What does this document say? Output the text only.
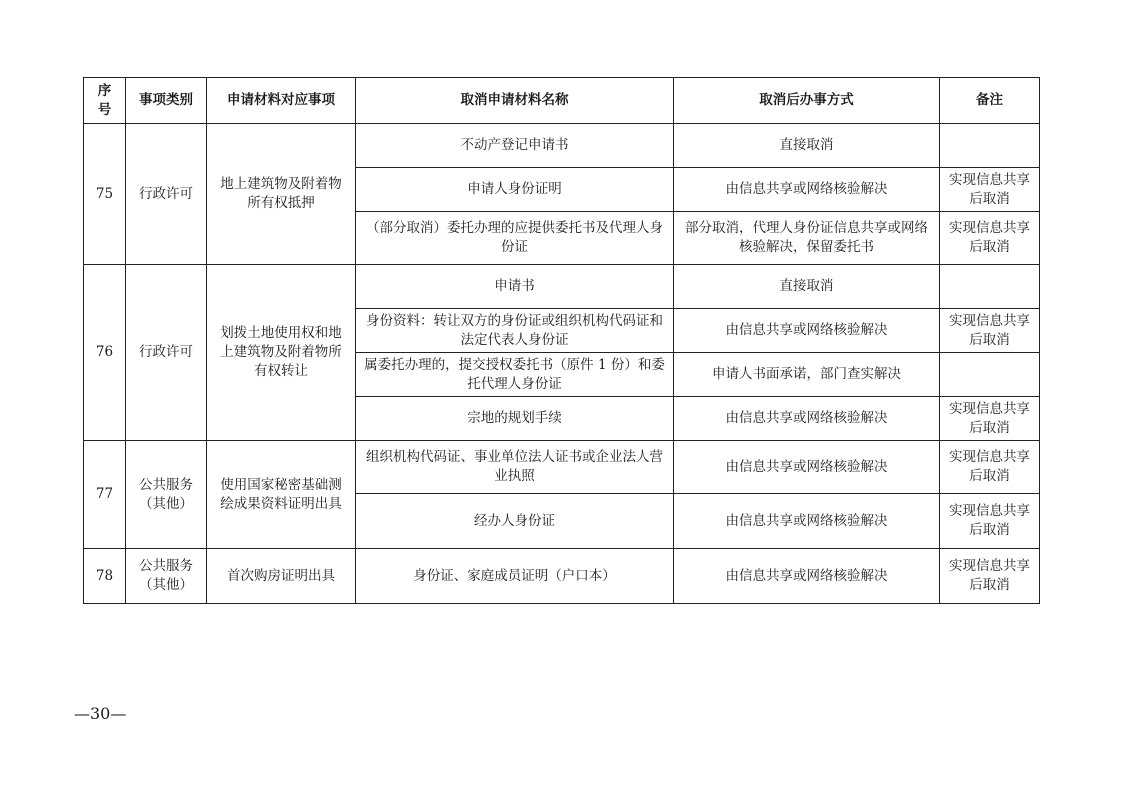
序号	事项类别	申请材料对应事项	取消申请材料名称	取消后办事方式	备注
75	行政许可	地上建筑物及附着物所有权抵押	不动产登记申请书	直接取消	
			申请人身份证明	由信息共享或网络核验解决	实现信息共享后取消
			（部分取消）委托办理的应提供委托书及代理人身份证	部分取消，代理人身份证信息共享或网络核验解决，保留委托书	实现信息共享后取消
76	行政许可	划拨土地使用权和地上建筑物及附着物所有权转让	申请书	直接取消	
			身份资料：转让双方的身份证或组织机构代码证和法定代表人身份证	由信息共享或网络核验解决	实现信息共享后取消
			属委托办理的，提交授权委托书（原件 1 份）和委托代理人身份证	申请人书面承诺，部门查实解决	
			宗地的规划手续	由信息共享或网络核验解决	实现信息共享后取消
77	公共服务（其他）	使用国家秘密基础测绘成果资料证明出具	组织机构代码证、事业单位法人证书或企业法人营业执照	由信息共享或网络核验解决	实现信息共享后取消
			经办人身份证	由信息共享或网络核验解决	实现信息共享后取消
78	公共服务（其他）	首次购房证明出具	身份证、家庭成员证明（户口本）	由信息共享或网络核验解决	实现信息共享后取消
—30—
